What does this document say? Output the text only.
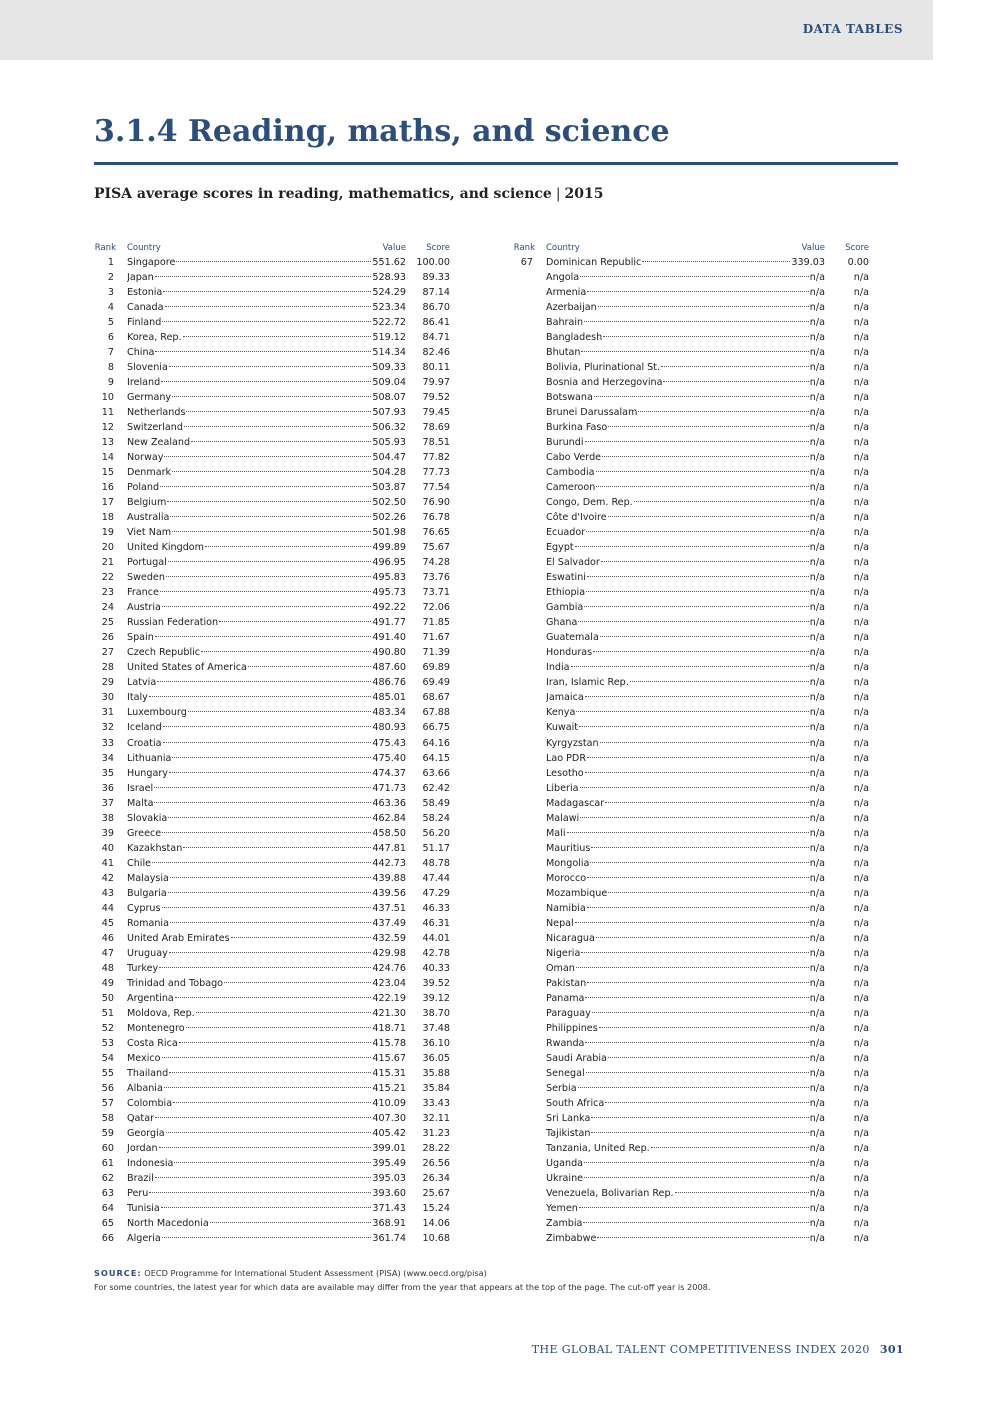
DATA TABLES
3.1.4 Reading, maths, and science
PISA average scores in reading, mathematics, and science | 2015
Rank Country	Value Score
1 Singapore	551.62 100.00
2 Japan	528.93 89.33
3 Estonia	524.29 87.14
4 Canada	523.34 86.70
5 Finland	522.72 86.41
6 Korea, Rep.	519.12 84.71
7 China	514.34 82.46
8 Slovenia	509.33 80.11
9 Ireland	509.04 79.97
10 Germany	508.07 79.52
11 Netherlands	507.93 79.45
12 Switzerland	506.32 78.69
13 New Zealand	505.93 78.51
14 Norway	504.47 77.82
15 Denmark	504.28 77.73
16 Poland	503.87 77.54
17 Belgium	502.50 76.90
18 Australia	502.26 76.78
19 Viet Nam	501.98 76.65
20 United Kingdom	499.89 75.67
21 Portugal	496.95 74.28
22 Sweden	495.83 73.76
23 France	495.73 73.71
24 Austria	492.22 72.06
25 Russian Federation	491.77 71.85
26 Spain	491.40 71.67
27 Czech Republic	490.80 71.39
28 United States of America	487.60 69.89
29 Latvia	486.76 69.49
30 Italy	485.01 68.67
31 Luxembourg	483.34 67.88
32 Iceland	480.93 66.75
33 Croatia	475.43 64.16
34 Lithuania	475.40 64.15
35 Hungary	474.37 63.66
36 Israel	471.73 62.42
37 Malta	463.36 58.49
38 Slovakia	462.84 58.24
39 Greece	458.50 56.20
40 Kazakhstan	447.81 51.17
41 Chile	442.73 48.78
42 Malaysia	439.88 47.44
43 Bulgaria	439.56 47.29
44 Cyprus	437.51 46.33
45 Romania	437.49 46.31
46 United Arab Emirates	432.59 44.01
47 Uruguay	429.98 42.78
48 Turkey	424.76 40.33
49 Trinidad and Tobago	423.04 39.52
50 Argentina	422.19 39.12
51 Moldova, Rep.	421.30 38.70
52 Montenegro	418.71 37.48
53 Costa Rica	415.78 36.10
54 Mexico	415.67 36.05
55 Thailand	415.31 35.88
56 Albania	415.21 35.84
57 Colombia	410.09 33.43
58 Qatar	407.30 32.11
59 Georgia	405.42 31.23
60 Jordan	399.01 28.22
61 Indonesia	395.49 26.56
62 Brazil	395.03 26.34
63 Peru	393.60 25.67
64 Tunisia	371.43 15.24
65 North Macedonia	368.91 14.06
66 Algeria	361.74 10.68
Rank Country	Value Score
67 Dominican Republic	339.03 0.00
Angola	n/a	n/a
Armenia	n/a	n/a
Azerbaijan	n/a	n/a
Bahrain	n/a	n/a
Bangladesh	n/a	n/a
Bhutan	n/a	n/a
Bolivia, Plurinational St.	n/a	n/a
Bosnia and Herzegovina	n/a	n/a
Botswana	n/a	n/a
Brunei Darussalam	n/a	n/a
Burkina Faso	n/a	n/a
Burundi	n/a	n/a
Cabo Verde	n/a	n/a
Cambodia	n/a	n/a
Cameroon	n/a	n/a
Congo, Dem. Rep.	n/a	n/a
Côte d'Ivoire	n/a	n/a
Ecuador	n/a	n/a
Egypt	n/a	n/a
El Salvador	n/a	n/a
Eswatini	n/a	n/a
Ethiopia	n/a	n/a
Gambia	n/a	n/a
Ghana	n/a	n/a
Guatemala	n/a	n/a
Honduras	n/a	n/a
India	n/a	n/a
Iran, Islamic Rep.	n/a	n/a
Jamaica	n/a	n/a
Kenya	n/a	n/a
Kuwait	n/a	n/a
Kyrgyzstan	n/a	n/a
Lao PDR	n/a	n/a
Lesotho	n/a	n/a
Liberia	n/a	n/a
Madagascar	n/a	n/a
Malawi	n/a	n/a
Mali	n/a	n/a
Mauritius	n/a	n/a
Mongolia	n/a	n/a
Morocco	n/a	n/a
Mozambique	n/a	n/a
Namibia	n/a	n/a
Nepal	n/a	n/a
Nicaragua	n/a	n/a
Nigeria	n/a	n/a
Oman	n/a	n/a
Pakistan	n/a	n/a
Panama	n/a	n/a
Paraguay	n/a	n/a
Philippines	n/a	n/a
Rwanda	n/a	n/a
Saudi Arabia	n/a	n/a
Senegal	n/a	n/a
Serbia	n/a	n/a
South Africa	n/a	n/a
Sri Lanka	n/a	n/a
Tajikistan	n/a	n/a
Tanzania, United Rep.	n/a	n/a
Uganda	n/a	n/a
Ukraine	n/a	n/a
Venezuela, Bolivarian Rep.	n/a	n/a
Yemen	n/a	n/a
Zambia	n/a	n/a
Zimbabwe	n/a	n/a
SOURCE: OECD Programme for International Student Assessment (PISA) (www.oecd.org/pisa)
For some countries, the latest year for which data are available may differ from the year that appears at the top of the page. The cut-off year is 2008.
THE GLOBAL TALENT COMPETITIVENESS INDEX 2020 301
